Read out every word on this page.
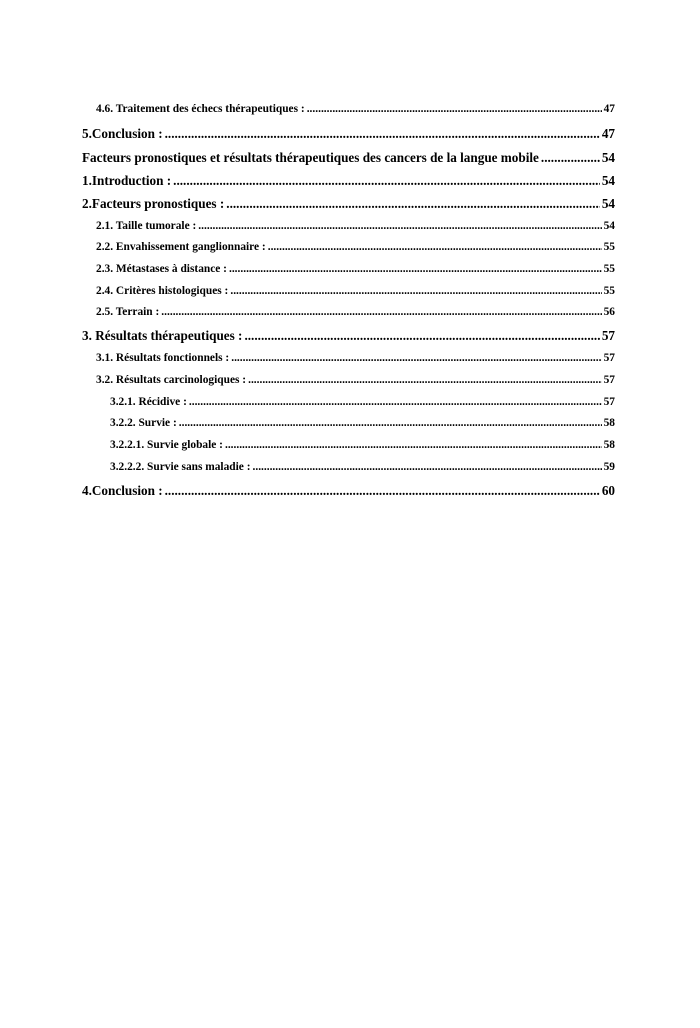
4.6. Traitement des échecs thérapeutiques : .....	47
5.Conclusion : .....	47
Facteurs pronostiques et résultats thérapeutiques des cancers de la langue mobile .....	54
1.Introduction : .....	54
2.Facteurs pronostiques : .....	54
2.1. Taille tumorale : .....	54
2.2. Envahissement ganglionnaire : .....	55
2.3. Métastases à distance : .....	55
2.4. Critères histologiques : .....	55
2.5. Terrain : .....	56
3. Résultats thérapeutiques : .....	57
3.1. Résultats fonctionnels : .....	57
3.2. Résultats carcinologiques : .....	57
3.2.1. Récidive : .....	57
3.2.2. Survie : .....	58
3.2.2.1. Survie globale : .....	58
3.2.2.2. Survie sans maladie : .....	59
4.Conclusion : .....	60
